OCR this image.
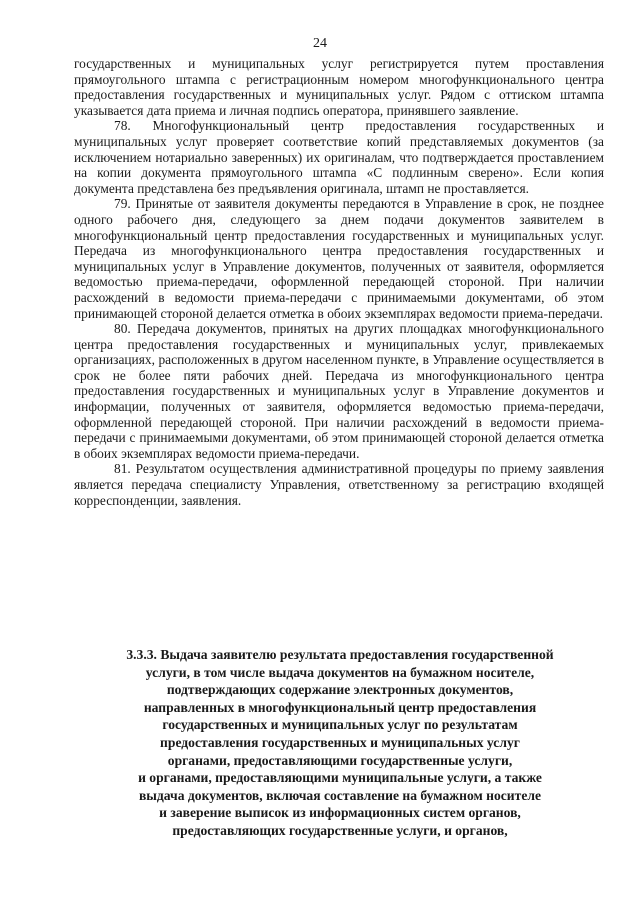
24

государственных и муниципальных услуг регистрируется путем проставления прямоугольного штампа с регистрационным номером многофункционального центра предоставления государственных и муниципальных услуг. Рядом с оттиском штампа указывается дата приема и личная подпись оператора, принявшего заявление.

78. Многофункциональный центр предоставления государственных и муниципальных услуг проверяет соответствие копий представляемых документов (за исключением нотариально заверенных) их оригиналам, что подтверждается проставлением на копии документа прямоугольного штампа «С подлинным сверено». Если копия документа представлена без предъявления оригинала, штамп не проставляется.

79. Принятые от заявителя документы передаются в Управление в срок, не позднее одного рабочего дня, следующего за днем подачи документов заявителем в многофункциональный центр предоставления государственных и муниципальных услуг. Передача из многофункционального центра предоставления государственных и муниципальных услуг в Управление документов, полученных от заявителя, оформляется ведомостью приема-передачи, оформленной передающей стороной. При наличии расхождений в ведомости приема-передачи с принимаемыми документами, об этом принимающей стороной делается отметка в обоих экземплярах ведомости приема-передачи.

80. Передача документов, принятых на других площадках многофункционального центра предоставления государственных и муниципальных услуг, привлекаемых организациях, расположенных в другом населенном пункте, в Управление осуществляется в срок не более пяти рабочих дней. Передача из многофункционального центра предоставления государственных и муниципальных услуг в Управление документов и информации, полученных от заявителя, оформляется ведомостью приема-передачи, оформленной передающей стороной. При наличии расхождений в ведомости приема-передачи с принимаемыми документами, об этом принимающей стороной делается отметка в обоих экземплярах ведомости приема-передачи.

81. Результатом осуществления административной процедуры по приему заявления является передача специалисту Управления, ответственному за регистрацию входящей корреспонденции, заявления.

3.3.3. Выдача заявителю результата предоставления государственной
услуги, в том числе выдача документов на бумажном носителе,
подтверждающих содержание электронных документов,
направленных в многофункциональный центр предоставления
государственных и муниципальных услуг по результатам
предоставления государственных и муниципальных услуг
органами, предоставляющими государственные услуги,
и органами, предоставляющими муниципальные услуги, а также
выдача документов, включая составление на бумажном носителе
и заверение выписок из информационных систем органов,
предоставляющих государственные услуги, и органов,
